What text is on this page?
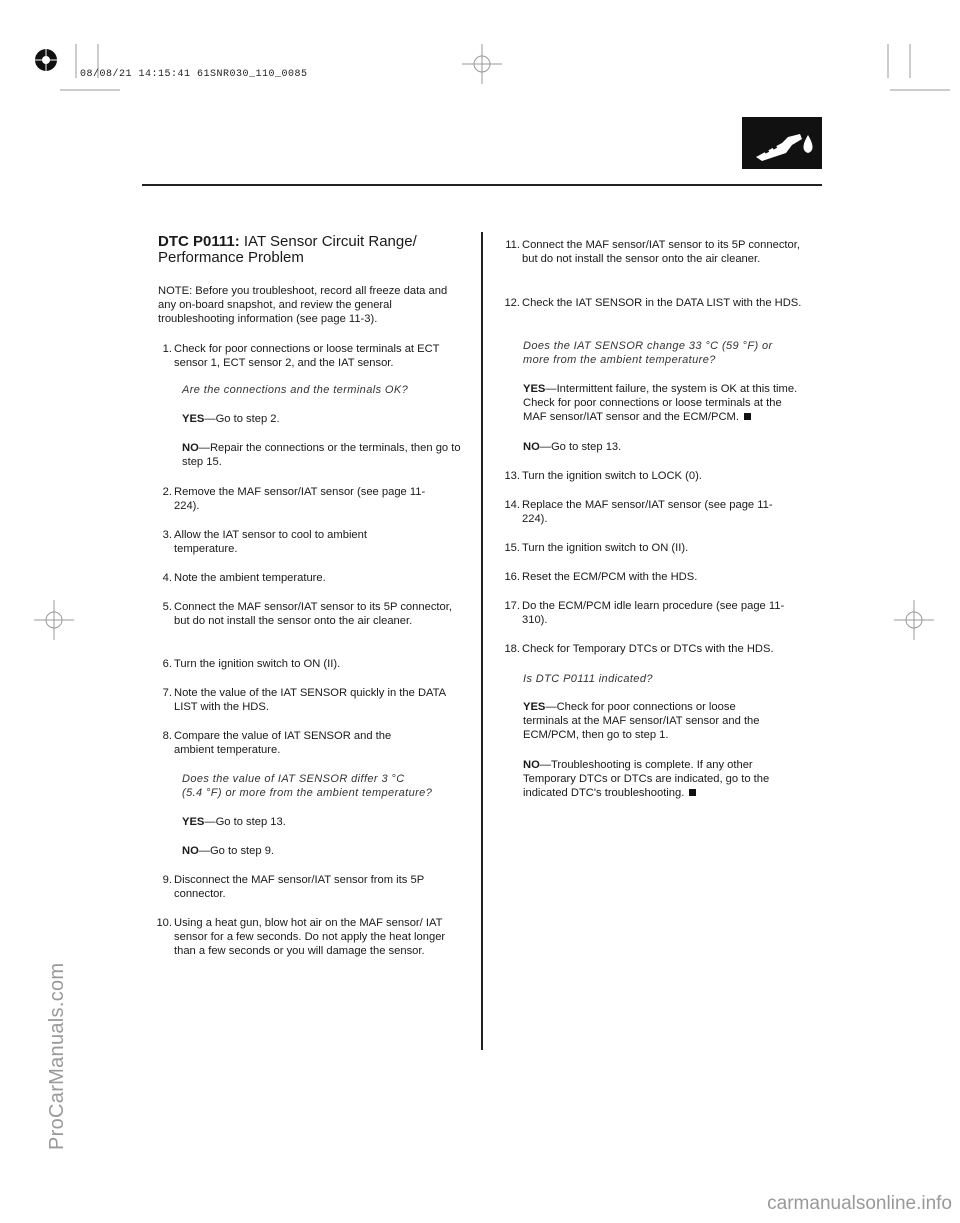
08/08/21 14:15:41 61SNR030_110_0085
ProCarManuals.com
carmanualsonline.info
DTC P0111: IAT Sensor Circuit Range/ Performance Problem
NOTE: Before you troubleshoot, record all freeze data and any on-board snapshot, and review the general troubleshooting information (see page 11-3).
1. Check for poor connections or loose terminals at ECT sensor 1, ECT sensor 2, and the IAT sensor.
Are the connections and the terminals OK?
YES—Go to step 2.
NO—Repair the connections or the terminals, then go to step 15.
2. Remove the MAF sensor/IAT sensor (see page 11-224).
3. Allow the IAT sensor to cool to ambient temperature.
4. Note the ambient temperature.
5. Connect the MAF sensor/IAT sensor to its 5P connector, but do not install the sensor onto the air cleaner.
6. Turn the ignition switch to ON (II).
7. Note the value of the IAT SENSOR quickly in the DATA LIST with the HDS.
8. Compare the value of IAT SENSOR and the ambient temperature.
Does the value of IAT SENSOR differ 3 °C
(5.4 °F) or more from the ambient temperature?
YES—Go to step 13.
NO—Go to step 9.
9. Disconnect the MAF sensor/IAT sensor from its 5P connector.
10. Using a heat gun, blow hot air on the MAF sensor/ IAT sensor for a few seconds. Do not apply the heat longer than a few seconds or you will damage the sensor.
11. Connect the MAF sensor/IAT sensor to its 5P connector, but do not install the sensor onto the air cleaner.
12. Check the IAT SENSOR in the DATA LIST with the HDS.
Does the IAT SENSOR change 33 °C (59 °F) or
more from the ambient temperature?
YES—Intermittent failure, the system is OK at this time. Check for poor connections or loose terminals at the MAF sensor/IAT sensor and the ECM/PCM.
NO—Go to step 13.
13. Turn the ignition switch to LOCK (0).
14. Replace the MAF sensor/IAT sensor (see page 11-224).
15. Turn the ignition switch to ON (II).
16. Reset the ECM/PCM with the HDS.
17. Do the ECM/PCM idle learn procedure (see page 11-310).
18. Check for Temporary DTCs or DTCs with the HDS.
Is DTC P0111 indicated?
YES—Check for poor connections or loose terminals at the MAF sensor/IAT sensor and the ECM/PCM, then go to step 1.
NO—Troubleshooting is complete. If any other Temporary DTCs or DTCs are indicated, go to the indicated DTC's troubleshooting.
